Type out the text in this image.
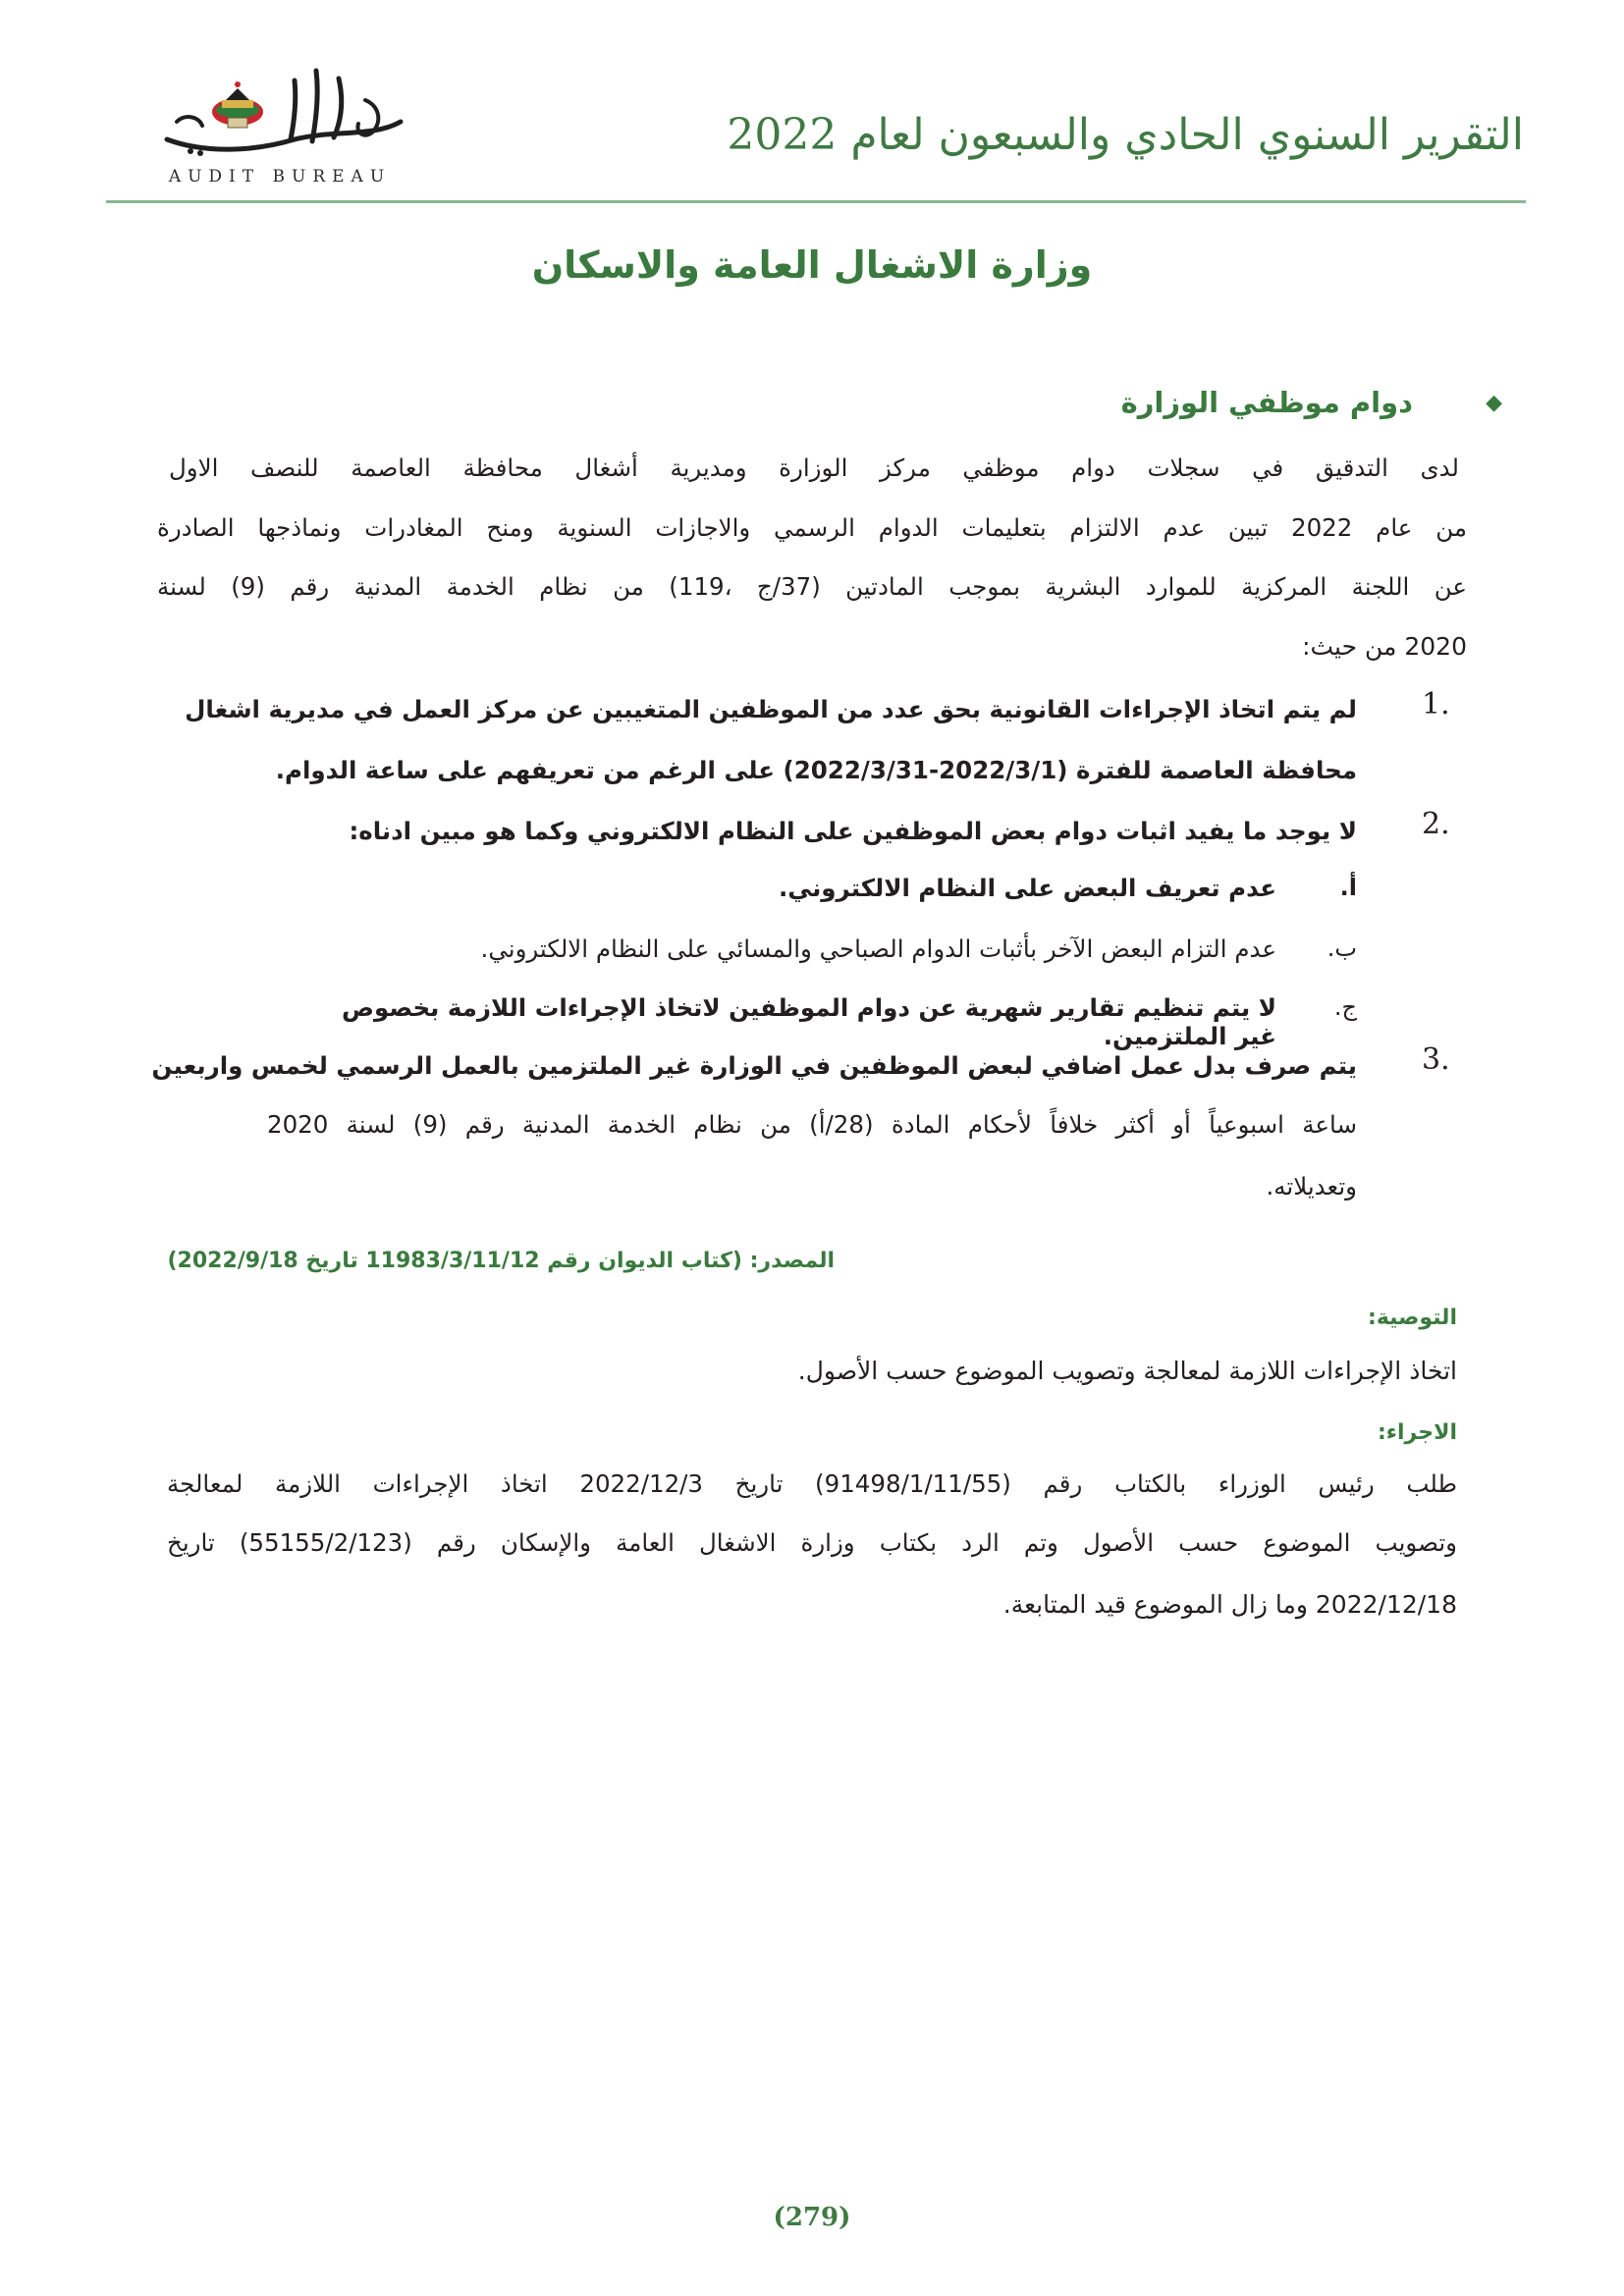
AUDIT BUREAU
التقرير السنوي الحادي والسبعون لعام 2022
وزارة الاشغال العامة والاسكان
◆
دوام موظفي الوزارة
لدى التدقيق في سجلات دوام موظفي مركز الوزارة ومديرية أشغال محافظة العاصمة للنصف الاول
من عام 2022 تبين عدم الالتزام بتعليمات الدوام الرسمي والاجازات السنوية ومنح المغادرات ونماذجها الصادرة
عن اللجنة المركزية للموارد البشرية بموجب المادتين (37/ج ،119) من نظام الخدمة المدنية رقم (9) لسنة
2020 من حيث:
1.
لم يتم اتخاذ الإجراءات القانونية بحق عدد من الموظفين المتغيبين عن مركز العمل في مديرية اشغال
محافظة العاصمة للفترة (2022/3/1-2022/3/31) على الرغم من تعريفهم على ساعة الدوام.
2.
لا يوجد ما يفيد اثبات دوام بعض الموظفين على النظام الالكتروني وكما هو مبين ادناه:
أ.
عدم تعريف البعض على النظام الالكتروني.
ب.
عدم التزام البعض الآخر بأثبات الدوام الصباحي والمسائي على النظام الالكتروني.
ج.
لا يتم تنظيم تقارير شهرية عن دوام الموظفين لاتخاذ الإجراءات اللازمة بخصوص غير الملتزمين.
3.
يتم صرف بدل عمل اضافي لبعض الموظفين في الوزارة غير الملتزمين بالعمل الرسمي لخمس واربعين
ساعة اسبوعياً أو أكثر خلافاً لأحكام المادة (28/أ) من نظام الخدمة المدنية رقم (9) لسنة 2020
وتعديلاته.
المصدر: (كتاب الديوان رقم 11983/3/11/12 تاريخ 2022/9/18)
التوصية:
اتخاذ الإجراءات اللازمة لمعالجة وتصويب الموضوع حسب الأصول.
الاجراء:
طلب رئيس الوزراء بالكتاب رقم (91498/1/11/55) تاريخ 2022/12/3 اتخاذ الإجراءات اللازمة لمعالجة
وتصويب الموضوع حسب الأصول وتم الرد بكتاب وزارة الاشغال العامة والإسكان رقم (55155/2/123) تاريخ
2022/12/18 وما زال الموضوع قيد المتابعة.
(279)
